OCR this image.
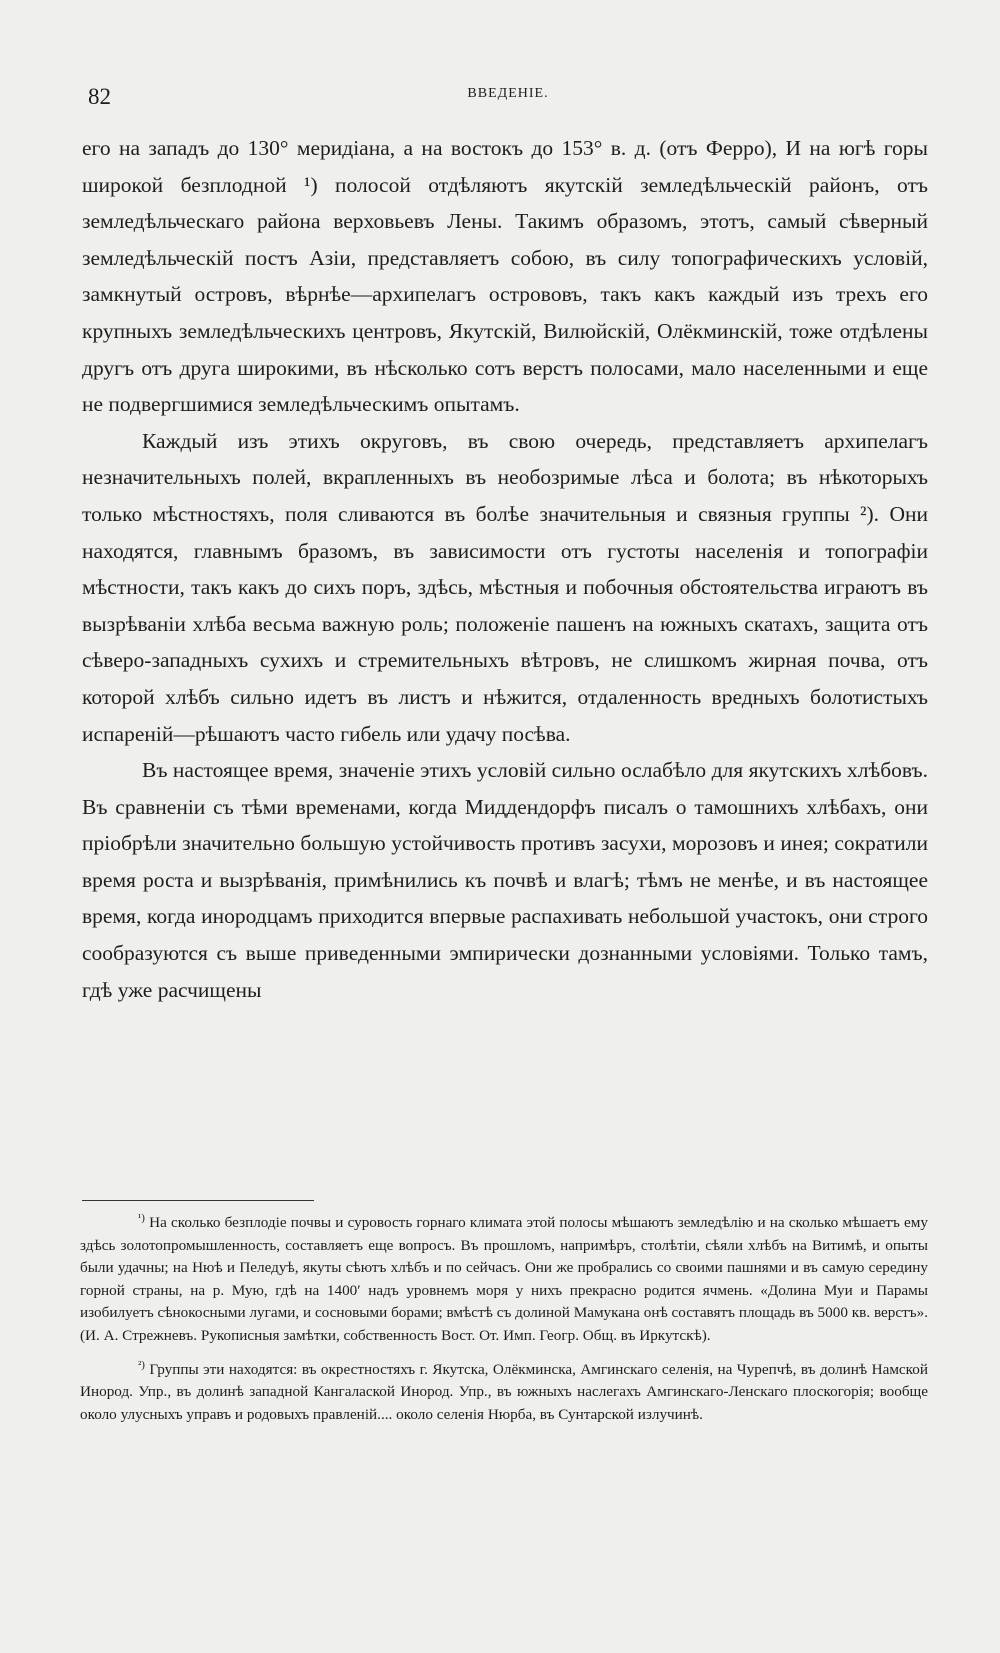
82	ВВЕДЕНІЕ.

его на западъ до 130° меридіана, а на востокъ до 153° в. д. (отъ Ферро), И на югѣ горы широкой безплодной ¹) полосой отдѣляютъ якутскій земледѣльческій районъ, отъ земледѣльческаго района верховьевъ Лены. Такимъ образомъ, этотъ, самый сѣверный земледѣльческій постъ Азіи, представляетъ собою, въ силу топографическихъ условій, замкнутый островъ, вѣрнѣе—архипелагъ острововъ, такъ какъ каждый изъ трехъ его крупныхъ земледѣльческихъ центровъ, Якутскій, Вилюйскій, Олёкминскій, тоже отдѣлены другъ отъ друга широкими, въ нѣсколько сотъ верстъ полосами, мало населенными и еще не подвергшимися земледѣльческимъ опытамъ.

Каждый изъ этихъ округовъ, въ свою очередь, представляетъ архипелагъ незначительныхъ полей, вкрапленныхъ въ необозримые лѣса и болота; въ нѣкоторыхъ только мѣстностяхъ, поля сливаются въ болѣе значительныя и связныя группы ²). Они находятся, главнымъ бразомъ, въ зависимости отъ густоты населенія и топографіи мѣстности, такъ какъ до сихъ поръ, здѣсь, мѣстныя и побочныя обстоятельства играютъ въ вызрѣваніи хлѣба весьма важную роль; положеніе пашенъ на южныхъ скатахъ, защита отъ сѣверо-западныхъ сухихъ и стремительныхъ вѣтровъ, не слишкомъ жирная почва, отъ которой хлѣбъ сильно идетъ въ листъ и нѣжится, отдаленность вредныхъ болотистыхъ испареній—рѣшаютъ часто гибель или удачу посѣва.

Въ настоящее время, значеніе этихъ условій сильно ослабѣло для якутскихъ хлѣбовъ. Въ сравненіи съ тѣми временами, когда Миддендорфъ писалъ о тамошнихъ хлѣбахъ, они пріобрѣли значительно большую устойчивость противъ засухи, морозовъ и инея; сократили время роста и вызрѣванія, примѣнились къ почвѣ и влагѣ; тѣмъ не менѣе, и въ настоящее время, когда инородцамъ приходится впервые распахивать небольшой участокъ, они строго сообразуются съ выше приведенными эмпирически дознанными условіями. Только тамъ, гдѣ уже расчищены

$^{^1)}$ На сколько безплодіе почвы и суровость горнаго климата этой полосы мѣшаютъ земледѣлію и на сколько мѣшаетъ ему здѣсь золотопромышленность, составляетъ еще вопросъ. Въ прошломъ, напримѣръ, столѣтіи, сѣяли хлѣбъ на Витимѣ, и опыты были удачны; на Нюѣ и Пеледуѣ, якуты сѣютъ хлѣбъ и по сейчасъ. Они же пробрались со своими пашнями и въ самую середину горной страны, на р. Мую, гдѣ на 1400′ надъ уровнемъ моря у нихъ прекрасно родится ячмень. «Долина Муи и Парамы изобилуетъ сѣнокосными лугами, и сосновыми борами; вмѣстѣ съ долиной Мамукана онѣ составятъ площадь въ 5000 кв. верстъ». (И. А. Стрежневъ. Рукописныя замѣтки, собственность Вост. От. Имп. Геогр. Общ. въ Иркутскѣ).

$^{^2)}$ Группы эти находятся: въ окрестностяхъ г. Якутска, Олёкминска, Амгинскаго селенія, на Чурепчѣ, въ долинѣ Намской Инород. Упр., въ долинѣ западной Кангалаской Инород. Упр., въ южныхъ наслегахъ Амгинскаго-Ленскаго плоскогорія; вообще около улусныхъ управъ и родовыхъ правленій.... около селенія Нюрба, въ Сунтарской излучинѣ.
